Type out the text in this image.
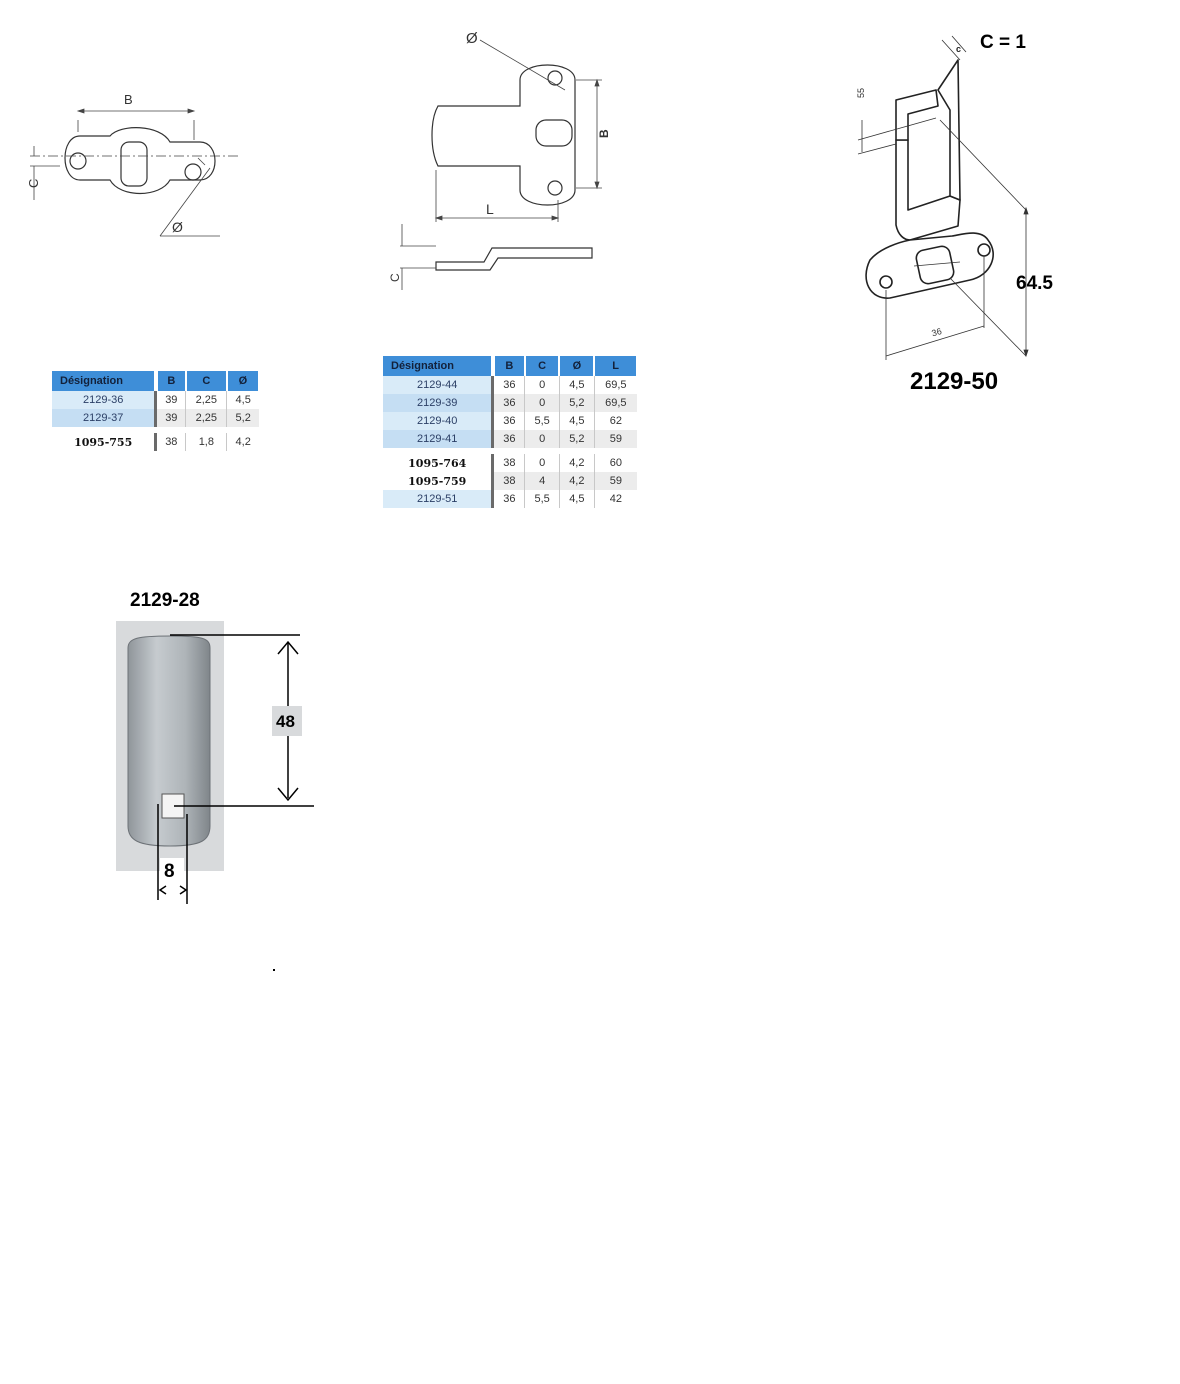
B
C
Ø
Désignation	B	C	Ø
2129-36	39	2,25	4,5
2129-37	39	2,25	5,2
1095-755	38	1,8	4,2
Ø
B
L
C
Désignation	B	C	Ø	L
2129-44	36	0	4,5	69,5
2129-39	36	0	5,2	69,5
2129-40	36	5,5	4,5	62
2129-41	36	0	5,2	59
1095-764	38	0	4,2	60
1095-759	38	4	4,2	59
2129-51	36	5,5	4,5	42
c
55
36
C = 1
64.5
2129-50
2129-28
48
8
